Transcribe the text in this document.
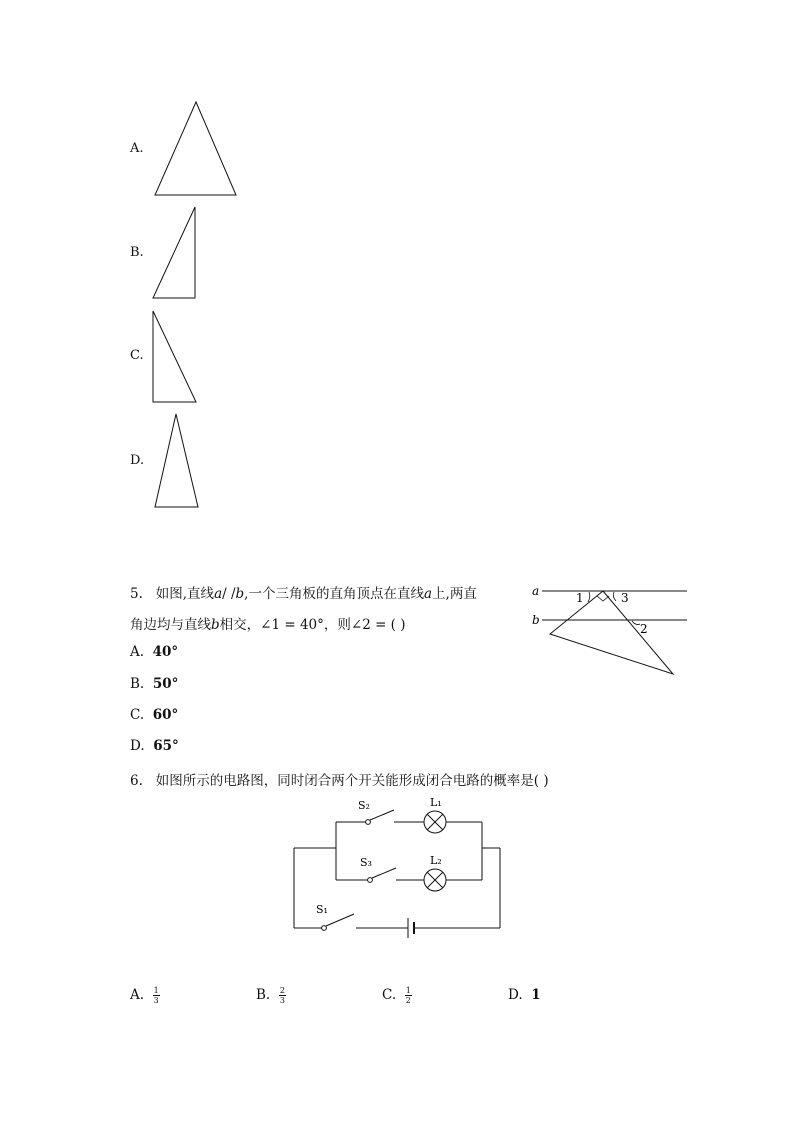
A.
B.
C.
D.
5. 如图,直线a/ /b,一个三角板的直角顶点在直线a上,两直
角边均与直线b相交，∠1 = 40°，则∠2 = ( )
A. 40°
B. 50°
C. 60°
D. 65°
a
b
1	3
2
6. 如图所示的电路图，同时闭合两个开关能形成闭合电路的概率是( )
S₂	L₁
S₃	L₂
S₁
A. $\frac{1}{3}$	B. $\frac{2}{3}$	C. $\frac{1}{2}$	D. 1
